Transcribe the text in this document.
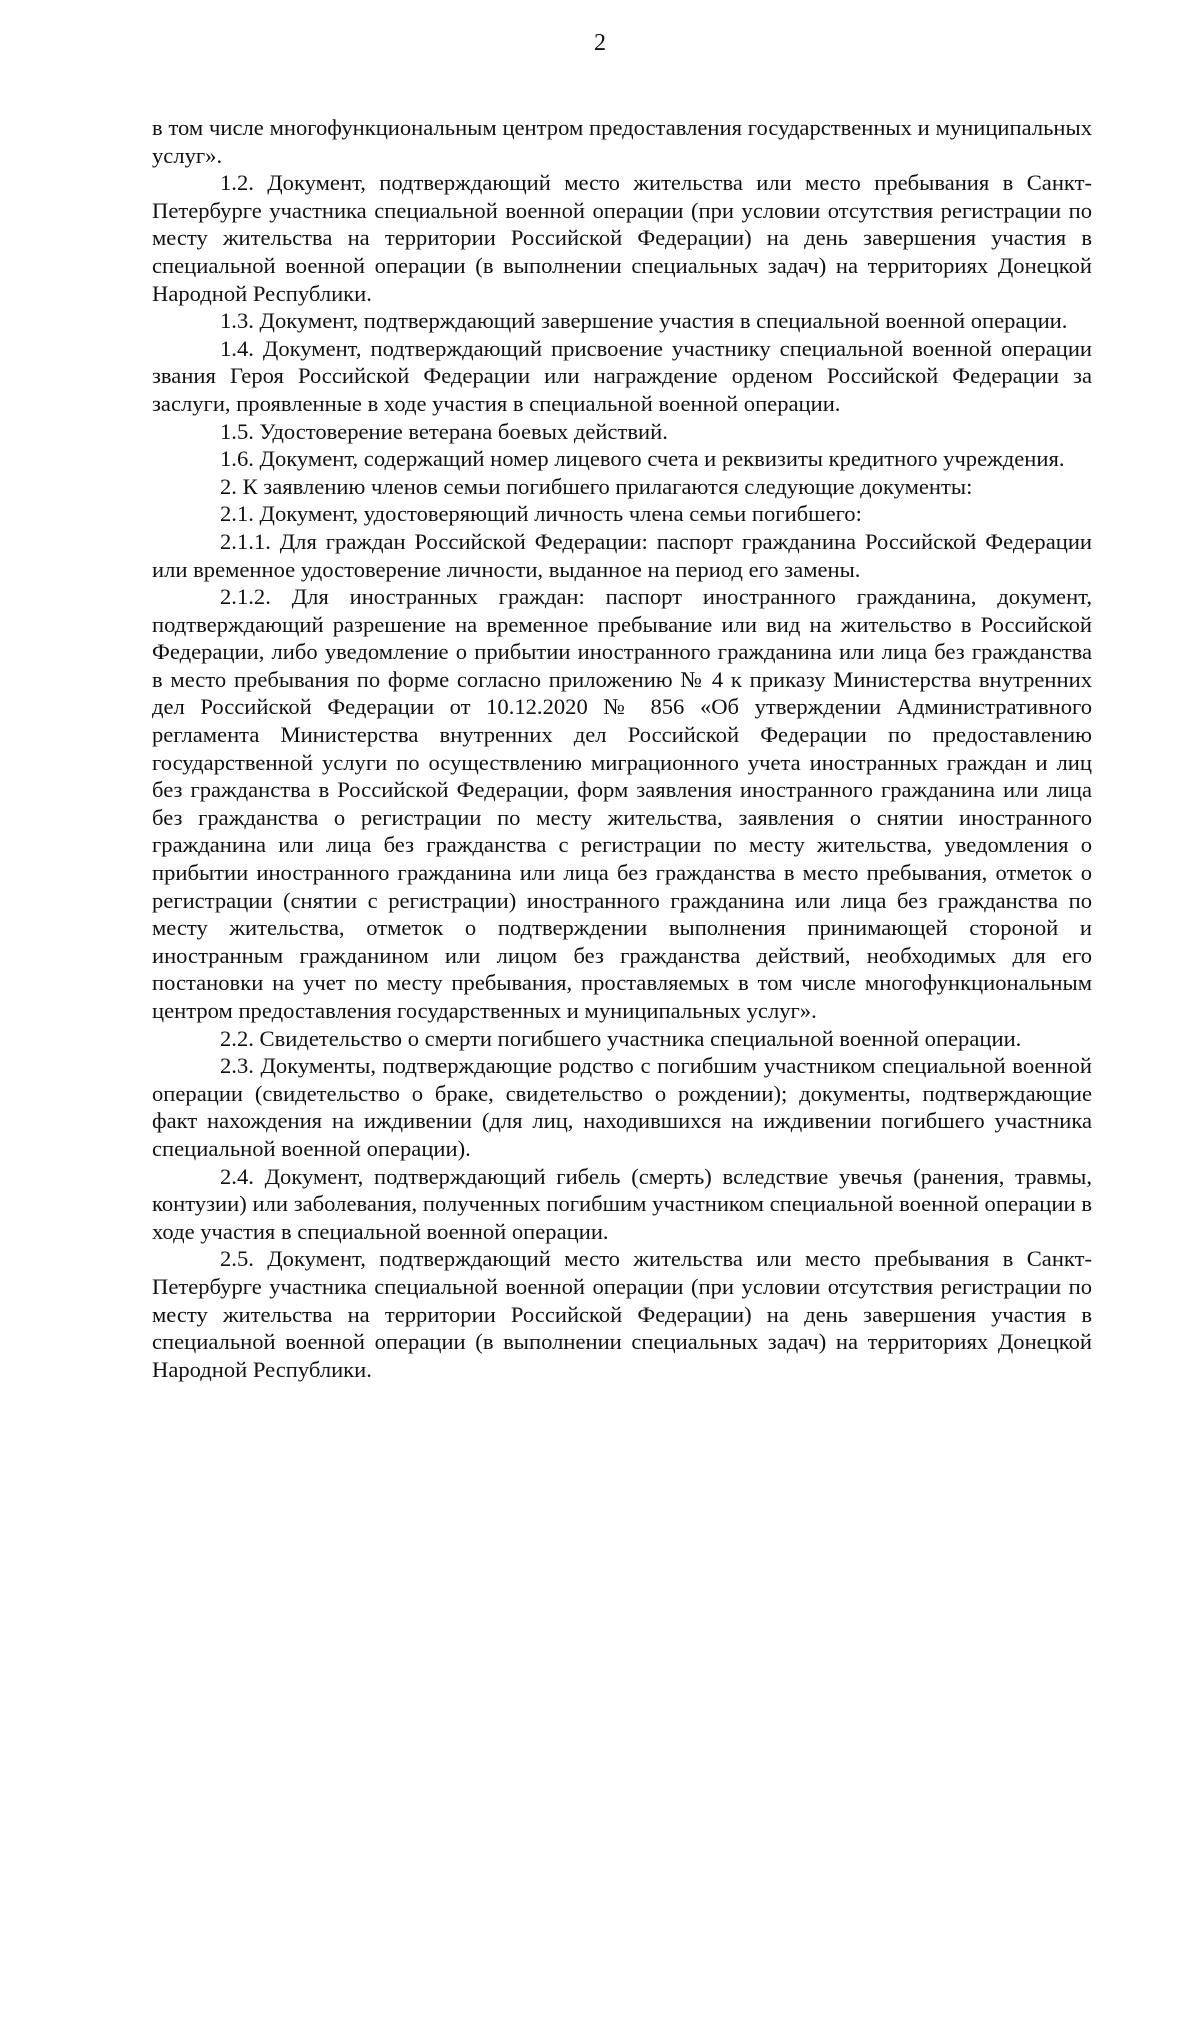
2

в том числе многофункциональным центром предоставления государственных и муниципальных услуг».

1.2. Документ, подтверждающий место жительства или место пребывания в Санкт-Петербурге участника специальной военной операции (при условии отсутствия регистрации по месту жительства на территории Российской Федерации) на день завершения участия в специальной военной операции (в выполнении специальных задач) на территориях Донецкой Народной Республики.

1.3. Документ, подтверждающий завершение участия в специальной военной операции.

1.4. Документ, подтверждающий присвоение участнику специальной военной операции звания Героя Российской Федерации или награждение орденом Российской Федерации за заслуги, проявленные в ходе участия в специальной военной операции.

1.5. Удостоверение ветерана боевых действий.

1.6. Документ, содержащий номер лицевого счета и реквизиты кредитного учреждения.

2. К заявлению членов семьи погибшего прилагаются следующие документы:

2.1. Документ, удостоверяющий личность члена семьи погибшего:

2.1.1. Для граждан Российской Федерации: паспорт гражданина Российской Федерации или временное удостоверение личности, выданное на период его замены.

2.1.2. Для иностранных граждан: паспорт иностранного гражданина, документ, подтверждающий разрешение на временное пребывание или вид на жительство в Российской Федерации, либо уведомление о прибытии иностранного гражданина или лица без гражданства в место пребывания по форме согласно приложению № 4 к приказу Министерства внутренних дел Российской Федерации от 10.12.2020 № 856 «Об утверждении Административного регламента Министерства внутренних дел Российской Федерации по предоставлению государственной услуги по осуществлению миграционного учета иностранных граждан и лиц без гражданства в Российской Федерации, форм заявления иностранного гражданина или лица без гражданства о регистрации по месту жительства, заявления о снятии иностранного гражданина или лица без гражданства с регистрации по месту жительства, уведомления о прибытии иностранного гражданина или лица без гражданства в место пребывания, отметок о регистрации (снятии с регистрации) иностранного гражданина или лица без гражданства по месту жительства, отметок о подтверждении выполнения принимающей стороной и иностранным гражданином или лицом без гражданства действий, необходимых для его постановки на учет по месту пребывания, проставляемых в том числе многофункциональным центром предоставления государственных и муниципальных услуг».

2.2. Свидетельство о смерти погибшего участника специальной военной операции.

2.3. Документы, подтверждающие родство с погибшим участником специальной военной операции (свидетельство о браке, свидетельство о рождении); документы, подтверждающие факт нахождения на иждивении (для лиц, находившихся на иждивении погибшего участника специальной военной операции).

2.4. Документ, подтверждающий гибель (смерть) вследствие увечья (ранения, травмы, контузии) или заболевания, полученных погибшим участником специальной военной операции в ходе участия в специальной военной операции.

2.5. Документ, подтверждающий место жительства или место пребывания в Санкт-Петербурге участника специальной военной операции (при условии отсутствия регистрации по месту жительства на территории Российской Федерации) на день завершения участия в специальной военной операции (в выполнении специальных задач) на территориях Донецкой Народной Республики.
